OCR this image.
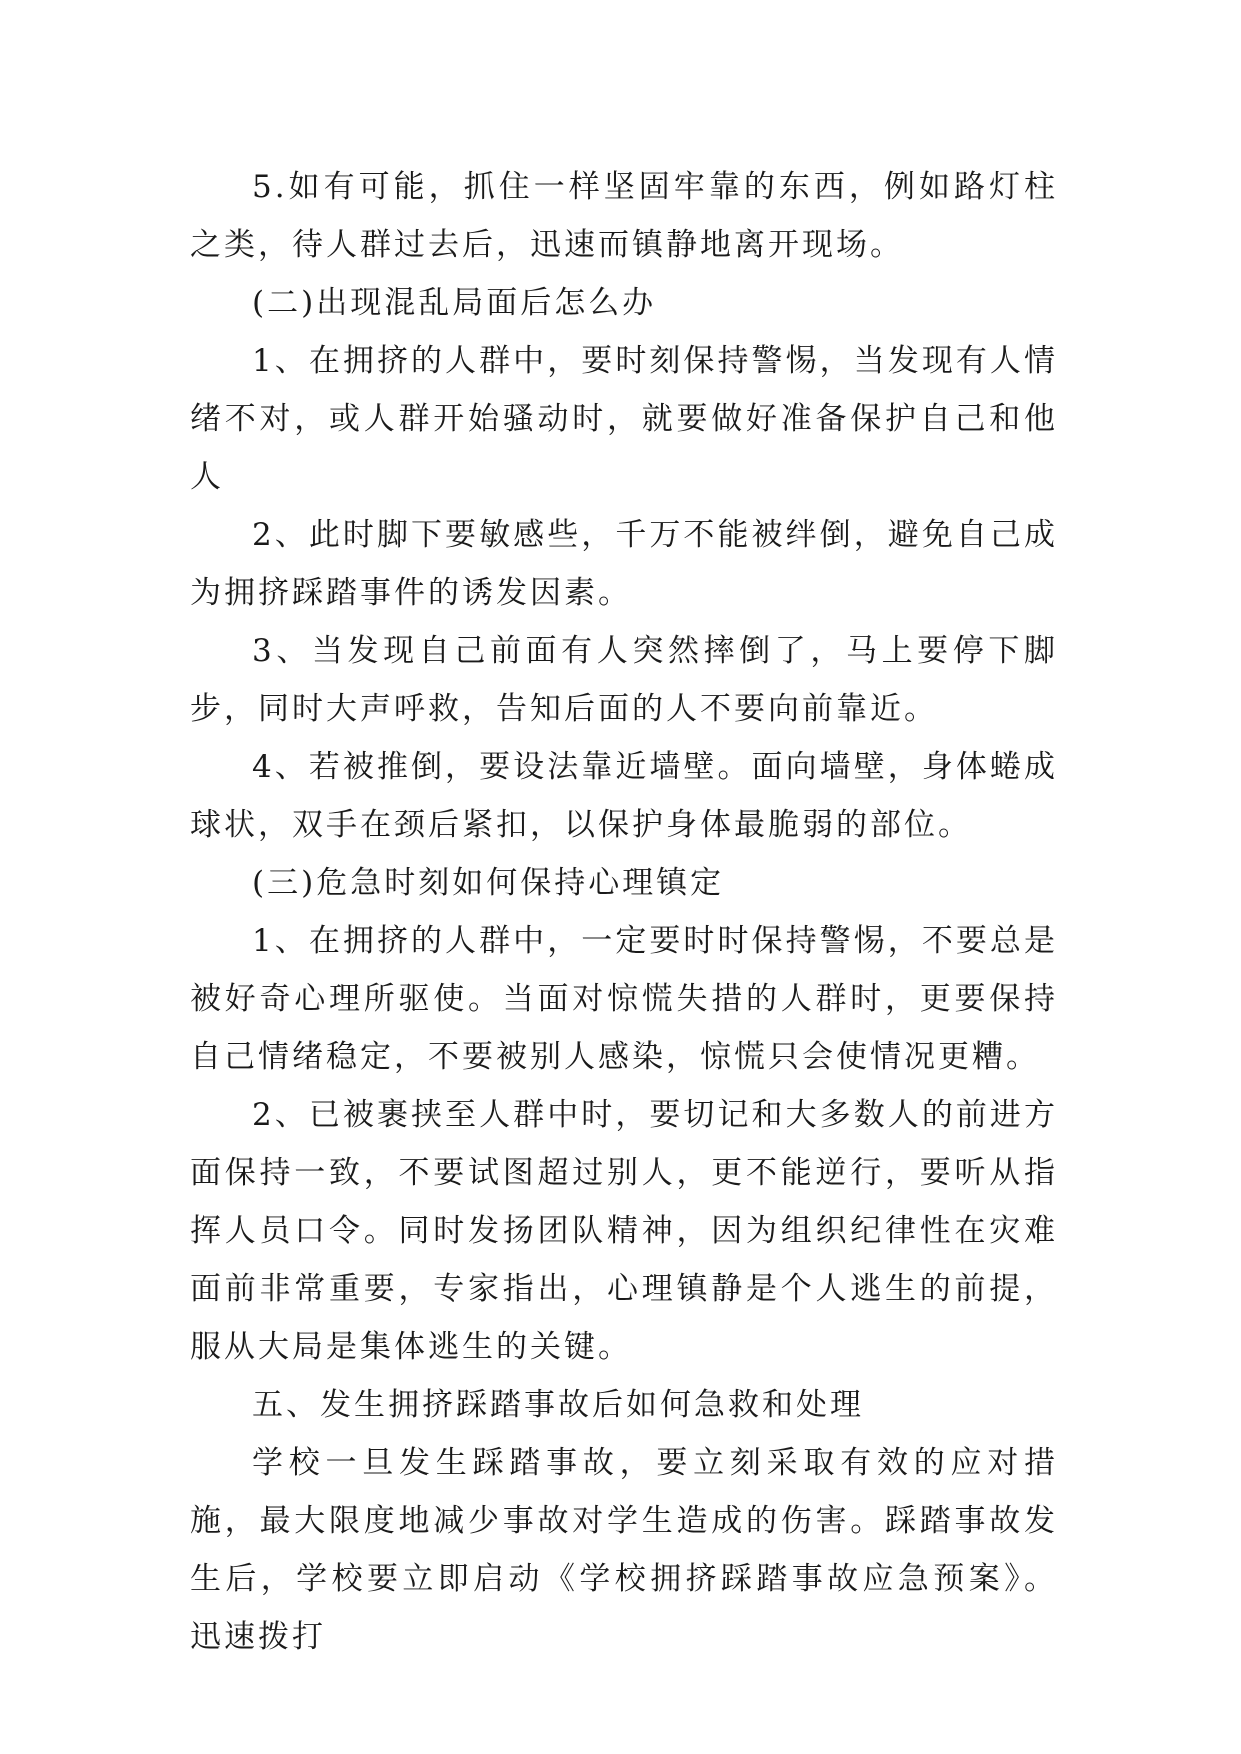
5.如有可能，抓住一样坚固牢靠的东西，例如路灯柱之类，待人群过去后，迅速而镇静地离开现场。

(二)出现混乱局面后怎么办

1、在拥挤的人群中，要时刻保持警惕，当发现有人情绪不对，或人群开始骚动时，就要做好准备保护自己和他人

2、此时脚下要敏感些，千万不能被绊倒，避免自己成为拥挤踩踏事件的诱发因素。

3、当发现自己前面有人突然摔倒了，马上要停下脚步，同时大声呼救，告知后面的人不要向前靠近。

4、若被推倒，要设法靠近墙壁。面向墙壁，身体蜷成球状，双手在颈后紧扣，以保护身体最脆弱的部位。

(三)危急时刻如何保持心理镇定

1、在拥挤的人群中，一定要时时保持警惕，不要总是被好奇心理所驱使。当面对惊慌失措的人群时，更要保持自己情绪稳定，不要被别人感染，惊慌只会使情况更糟。

2、已被裹挟至人群中时，要切记和大多数人的前进方面保持一致，不要试图超过别人，更不能逆行，要听从指挥人员口令。同时发扬团队精神，因为组织纪律性在灾难面前非常重要，专家指出，心理镇静是个人逃生的前提，服从大局是集体逃生的关键。

五、发生拥挤踩踏事故后如何急救和处理

学校一旦发生踩踏事故，要立刻采取有效的应对措施，最大限度地减少事故对学生造成的伤害。踩踏事故发生后，学校要立即启动《学校拥挤踩踏事故应急预案》。迅速拨打
